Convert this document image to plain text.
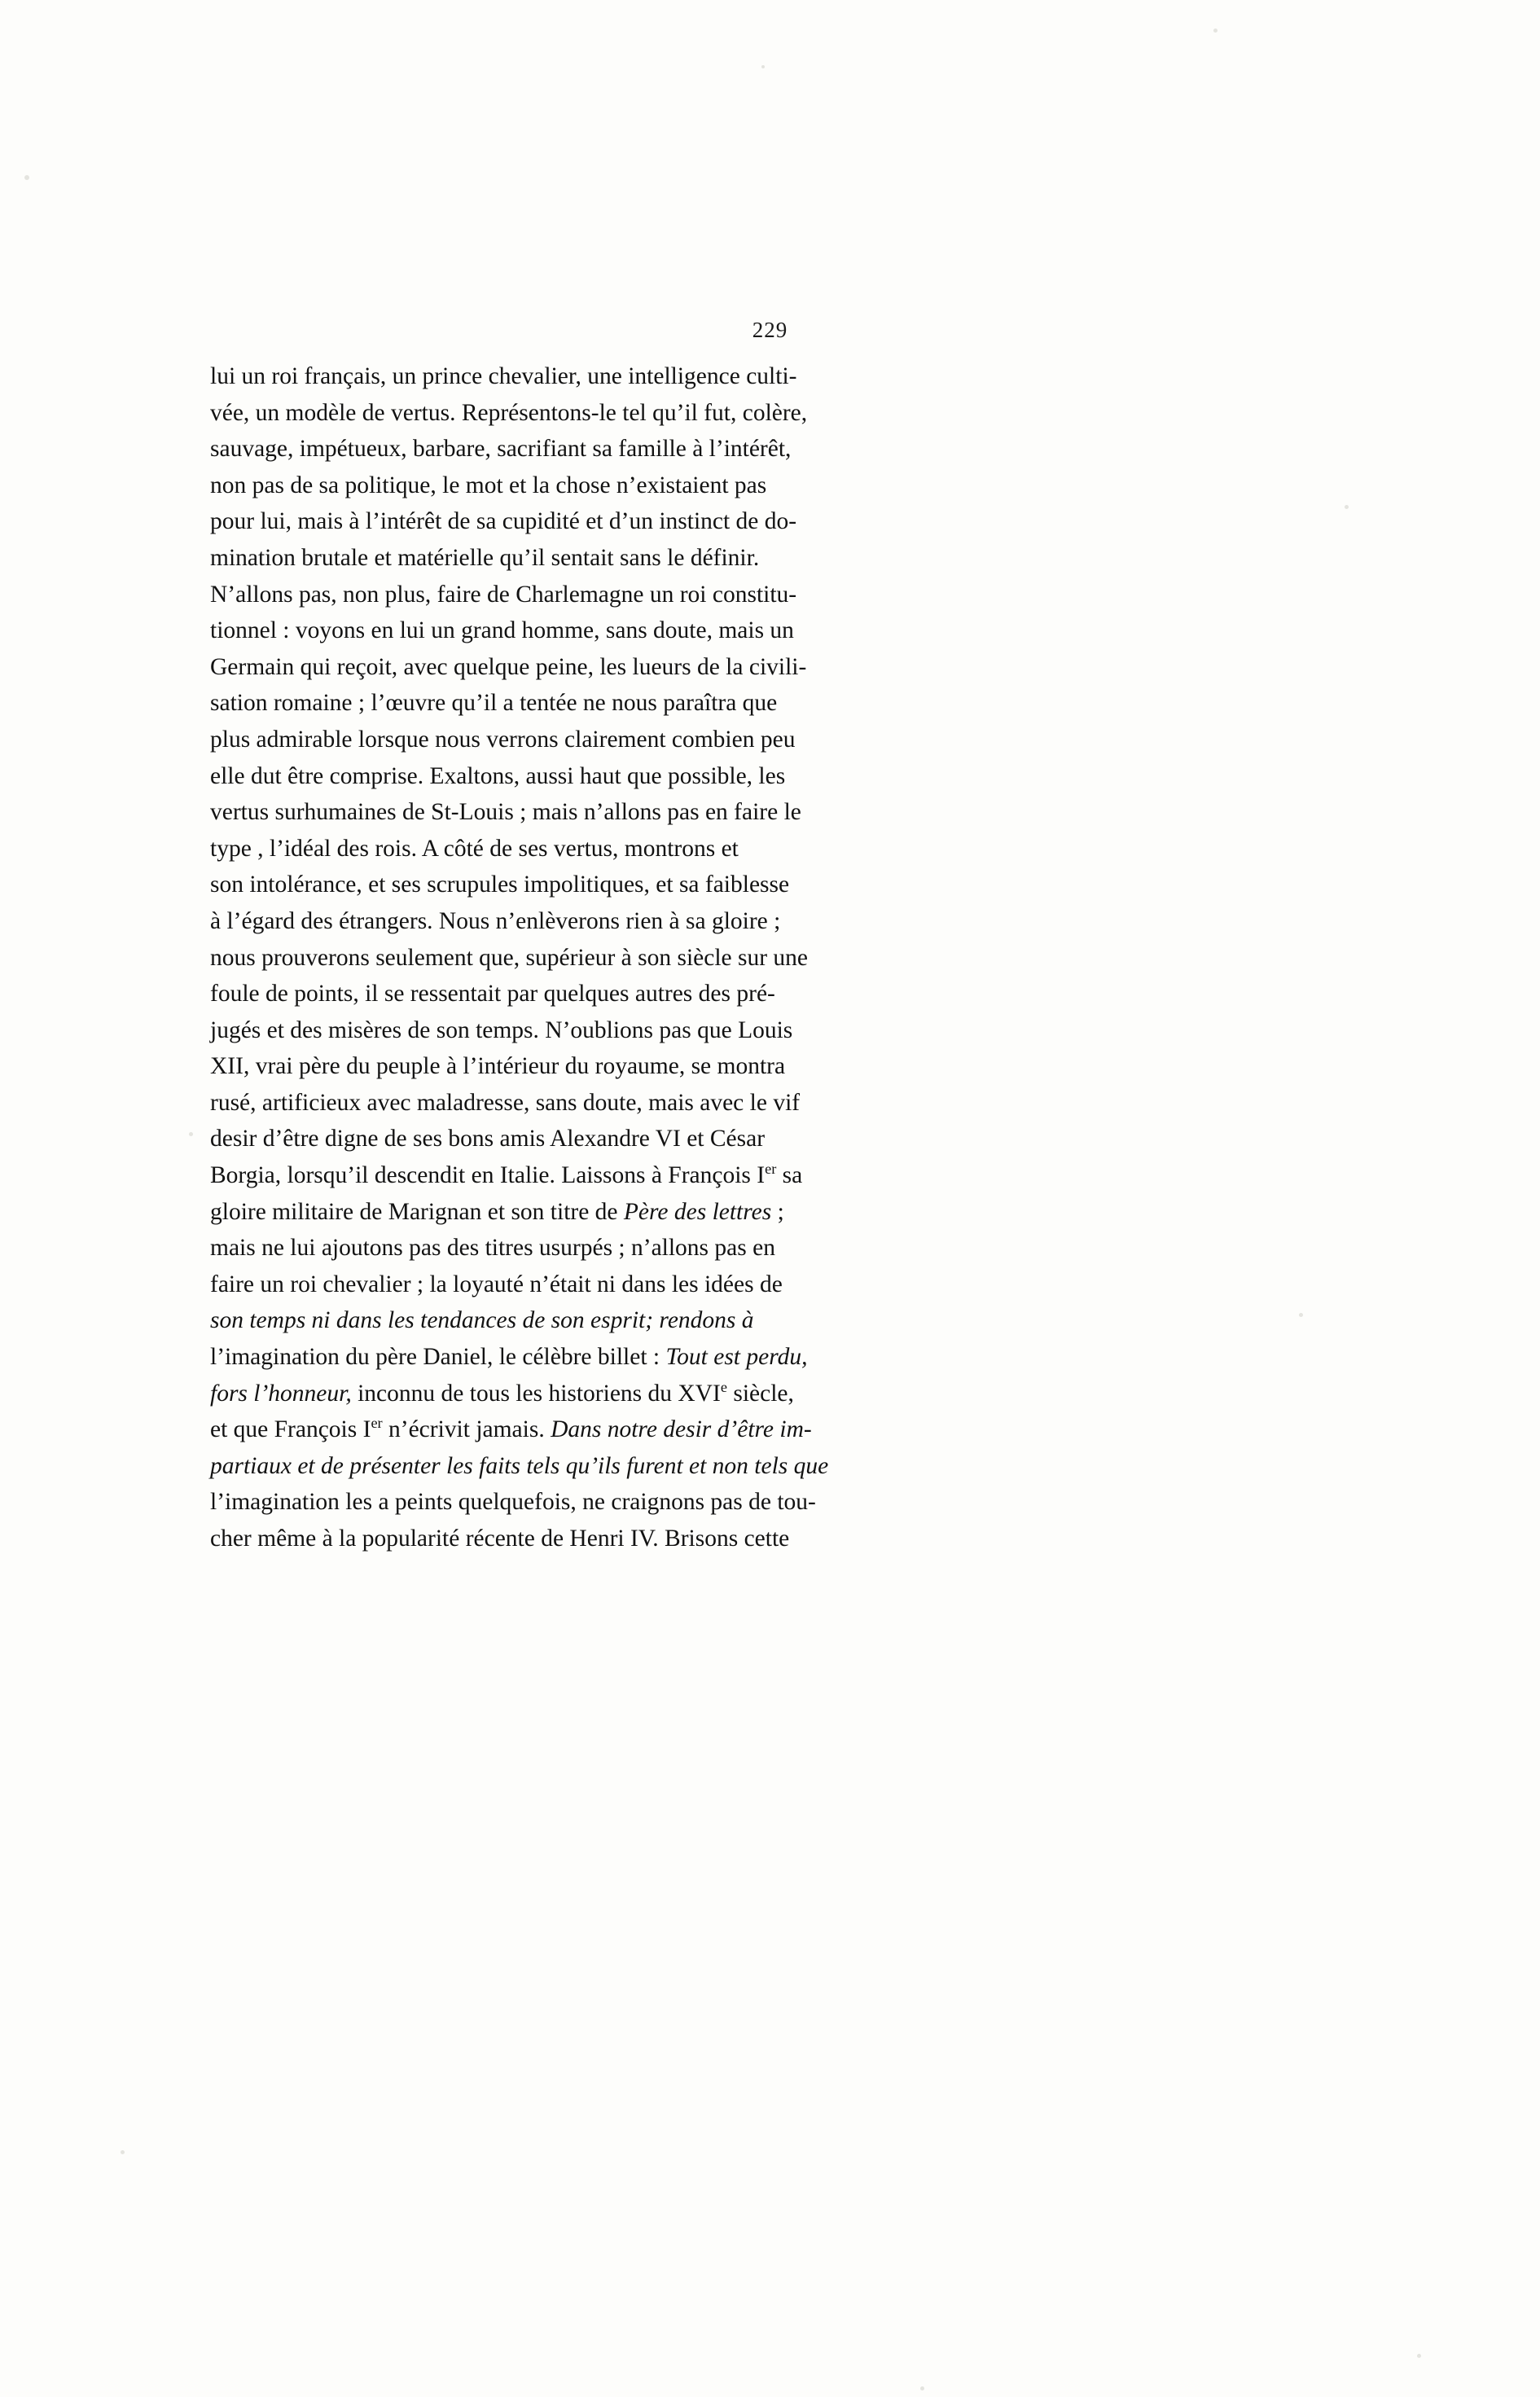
229
lui un roi français, un prince chevalier, une intelligence culti-
vée, un modèle de vertus. Représentons-le tel qu’il fut, colère,
sauvage, impétueux, barbare, sacrifiant sa famille à l’intérêt,
non pas de sa politique, le mot et la chose n’existaient pas
pour lui, mais à l’intérêt de sa cupidité et d’un instinct de do-
mination brutale et matérielle qu’il sentait sans le définir.
N’allons pas, non plus, faire de Charlemagne un roi constitu-
tionnel : voyons en lui un grand homme, sans doute, mais un
Germain qui reçoit, avec quelque peine, les lueurs de la civili-
sation romaine ; l’œuvre qu’il a tentée ne nous paraîtra que
plus admirable lorsque nous verrons clairement combien peu
elle dut être comprise. Exaltons, aussi haut que possible, les
vertus surhumaines de St-Louis ; mais n’allons pas en faire le
type , l’idéal des rois. A côté de ses vertus, montrons et
son intolérance, et ses scrupules impolitiques, et sa faiblesse
à l’égard des étrangers. Nous n’enlèverons rien à sa gloire ;
nous prouverons seulement que, supérieur à son siècle sur une
foule de points, il se ressentait par quelques autres des pré-
jugés et des misères de son temps. N’oublions pas que Louis
XII, vrai père du peuple à l’intérieur du royaume, se montra
rusé, artificieux avec maladresse, sans doute, mais avec le vif
desir d’être digne de ses bons amis Alexandre VI et César
Borgia, lorsqu’il descendit en Italie. Laissons à François Ier sa
gloire militaire de Marignan et son titre de Père des lettres ;
mais ne lui ajoutons pas des titres usurpés ; n’allons pas en
faire un roi chevalier ; la loyauté n’était ni dans les idées de
son temps ni dans les tendances de son esprit; rendons à
l’imagination du père Daniel, le célèbre billet : Tout est perdu,
fors l’honneur, inconnu de tous les historiens du XVIe siècle,
et que François Ier n’écrivit jamais. Dans notre desir d’être im-
partiaux et de présenter les faits tels qu’ils furent et non tels que
l’imagination les a peints quelquefois, ne craignons pas de tou-
cher même à la popularité récente de Henri IV. Brisons cette
